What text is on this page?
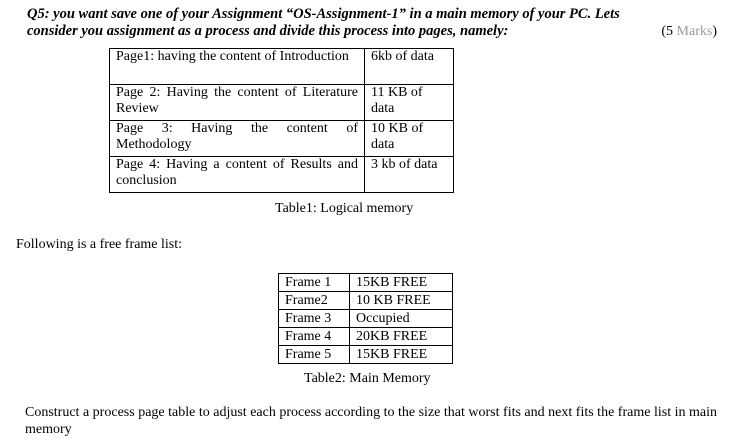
Q5: you want save one of your Assignment “OS-Assignment-1” in a main memory of your PC. Lets
consider you assignment as a process and divide this process into pages, namely:	(5 Marks)
Page1: having the content of Introduction	6kb of data
Page 2: Having the content of Literature Review	11 KB of data
Page 3: Having the content of Methodology	10 KB of data
Page 4: Having a content of Results and conclusion	3 kb of data
Table1: Logical memory
Following is a free frame list:
Frame 1	15KB FREE
Frame2	10 KB FREE
Frame 3	Occupied
Frame 4	20KB FREE
Frame 5	15KB FREE
Table2: Main Memory
Construct a process page table to adjust each process according to the size that worst fits and next fits the frame list in main memory
